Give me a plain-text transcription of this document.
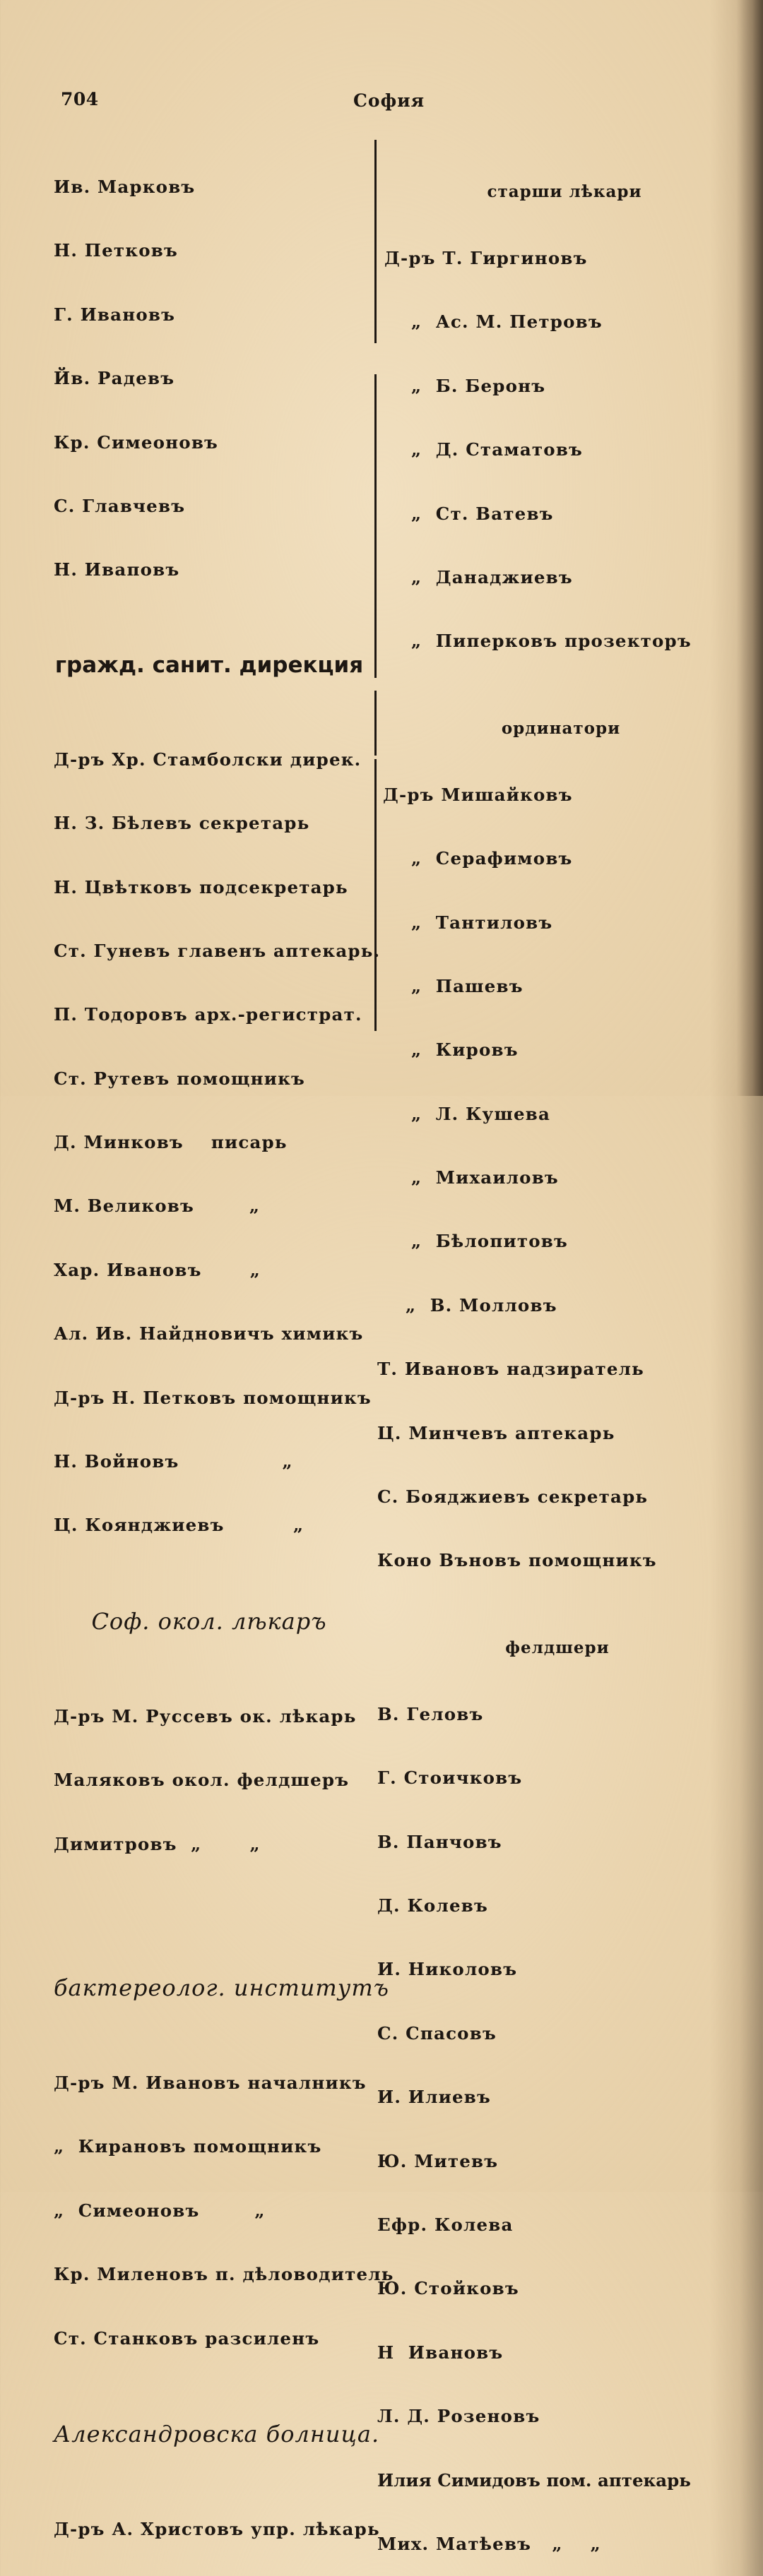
704	София

Ив. Марковъ

Н. Петковъ

Г. Ивановъ

Йв. Радевъ

Кр. Симеоновъ

С. Главчевъ

Н. Иваповъ

гражд. санит. дирекция

Д-ръ Хр. Стамболски дирек.

Н. З. Бѣлевъ секретарь

Н. Цвѣтковъ подсекретарь

Ст. Гуневъ главенъ аптекарь.

П. Тодоровъ арх.-регистрат.

Ст. Рутевъ помощникъ

Д. Минковъ писарь

М. Великовъ	„

Хар. Ивановъ	„

Ал. Ив. Найдновичъ химикъ

Д-ръ Н. Петковъ помощникъ

Н. Войновъ	„

Ц. Коянджиевъ	„

Соф. окол. лѣкаръ

Д-ръ М. Руссевъ ок. лѣкарь

Маляковъ окол. фелдшеръ

Димитровъ „       „

бактереолог. институтъ

Д-ръ М. Ивановъ началникъ

„  Кирановъ помощникъ

„  Симеоновъ	„

Кр. Миленовъ п. дѣловодитель

Ст. Станковъ разсиленъ

Александровска болница.

Д-ръ А. Христовъ упр. лѣкарь

старши лѣкари

Д-ръ Т. Гиргиновъ

„  Ас. М. Петровъ

„  Б. Беронъ

„  Д. Стаматовъ

„  Ст. Ватевъ

„  Данаджиевъ

„  Пиперковъ прозекторъ

ординатори

Д-ръ Мишайковъ

„  Серафимовъ

„  Тантиловъ

„  Пашевъ

„  Кировъ

„  Л. Кушева

„  Михаиловъ

„  Бѣлопитовъ

„  В. Молловъ

Т. Ивановъ надзиратель

Ц. Минчевъ аптекарь

С. Бояджиевъ секретарь

Коно Въновъ помощникъ

фелдшери

В. Геловъ

Г. Стоичковъ

В. Панчовъ

Д. Колевъ

И. Николовъ

С. Спасовъ

И. Илиевъ

Ю. Митевъ

Ефр. Колева

Ю. Стойковъ

Н  Ивановъ

Л. Д. Розеновъ

Илия Симидовъ пом. аптекарь

Мих. Матѣевъ   „    „
